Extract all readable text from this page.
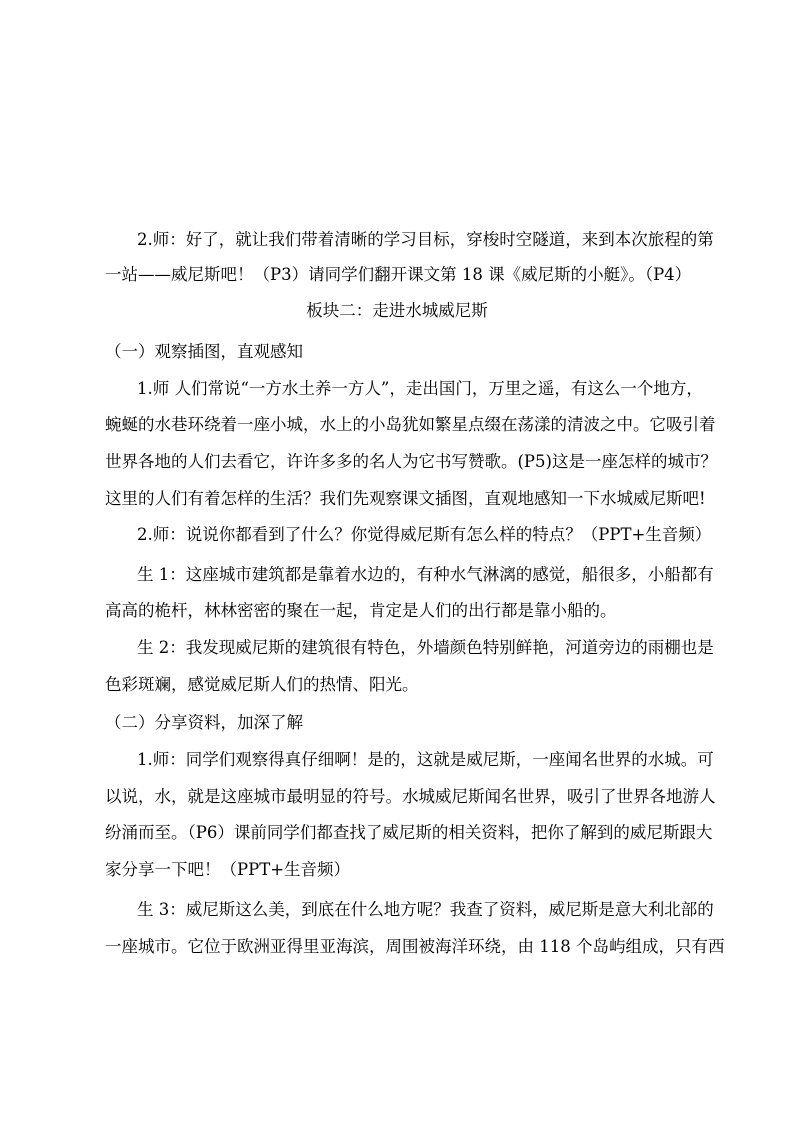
2.师：好了，就让我们带着清晰的学习目标，穿梭时空隧道，来到本次旅程的第
一站——威尼斯吧！（P3）请同学们翻开课文第 18 课《威尼斯的小艇》。（P4）
板块二：走进水城威尼斯
（一）观察插图，直观感知
1.师 人们常说“一方水土养一方人”，走出国门，万里之遥，有这么一个地方，
蜿蜒的水巷环绕着一座小城，水上的小岛犹如繁星点缀在荡漾的清波之中。它吸引着
世界各地的人们去看它，许许多多的名人为它书写赞歌。(P5)这是一座怎样的城市？
这里的人们有着怎样的生活？我们先观察课文插图，直观地感知一下水城威尼斯吧!
2.师：说说你都看到了什么？你觉得威尼斯有怎么样的特点？（PPT+生音频）
生 1：这座城市建筑都是靠着水边的，有种水气淋漓的感觉，船很多，小船都有
高高的桅杆，林林密密的聚在一起，肯定是人们的出行都是靠小船的。
生 2：我发现威尼斯的建筑很有特色，外墙颜色特别鲜艳，河道旁边的雨棚也是
色彩斑斓，感觉威尼斯人们的热情、阳光。
（二）分享资料，加深了解
1.师：同学们观察得真仔细啊！是的，这就是威尼斯，一座闻名世界的水城。可
以说，水，就是这座城市最明显的符号。水城威尼斯闻名世界，吸引了世界各地游人
纷涌而至。（P6）课前同学们都查找了威尼斯的相关资料，把你了解到的威尼斯跟大
家分享一下吧！（PPT+生音频）
生 3：威尼斯这么美，到底在什么地方呢？我查了资料，威尼斯是意大利北部的
一座城市。它位于欧洲亚得里亚海滨，周围被海洋环绕，由 118 个岛屿组成，只有西
